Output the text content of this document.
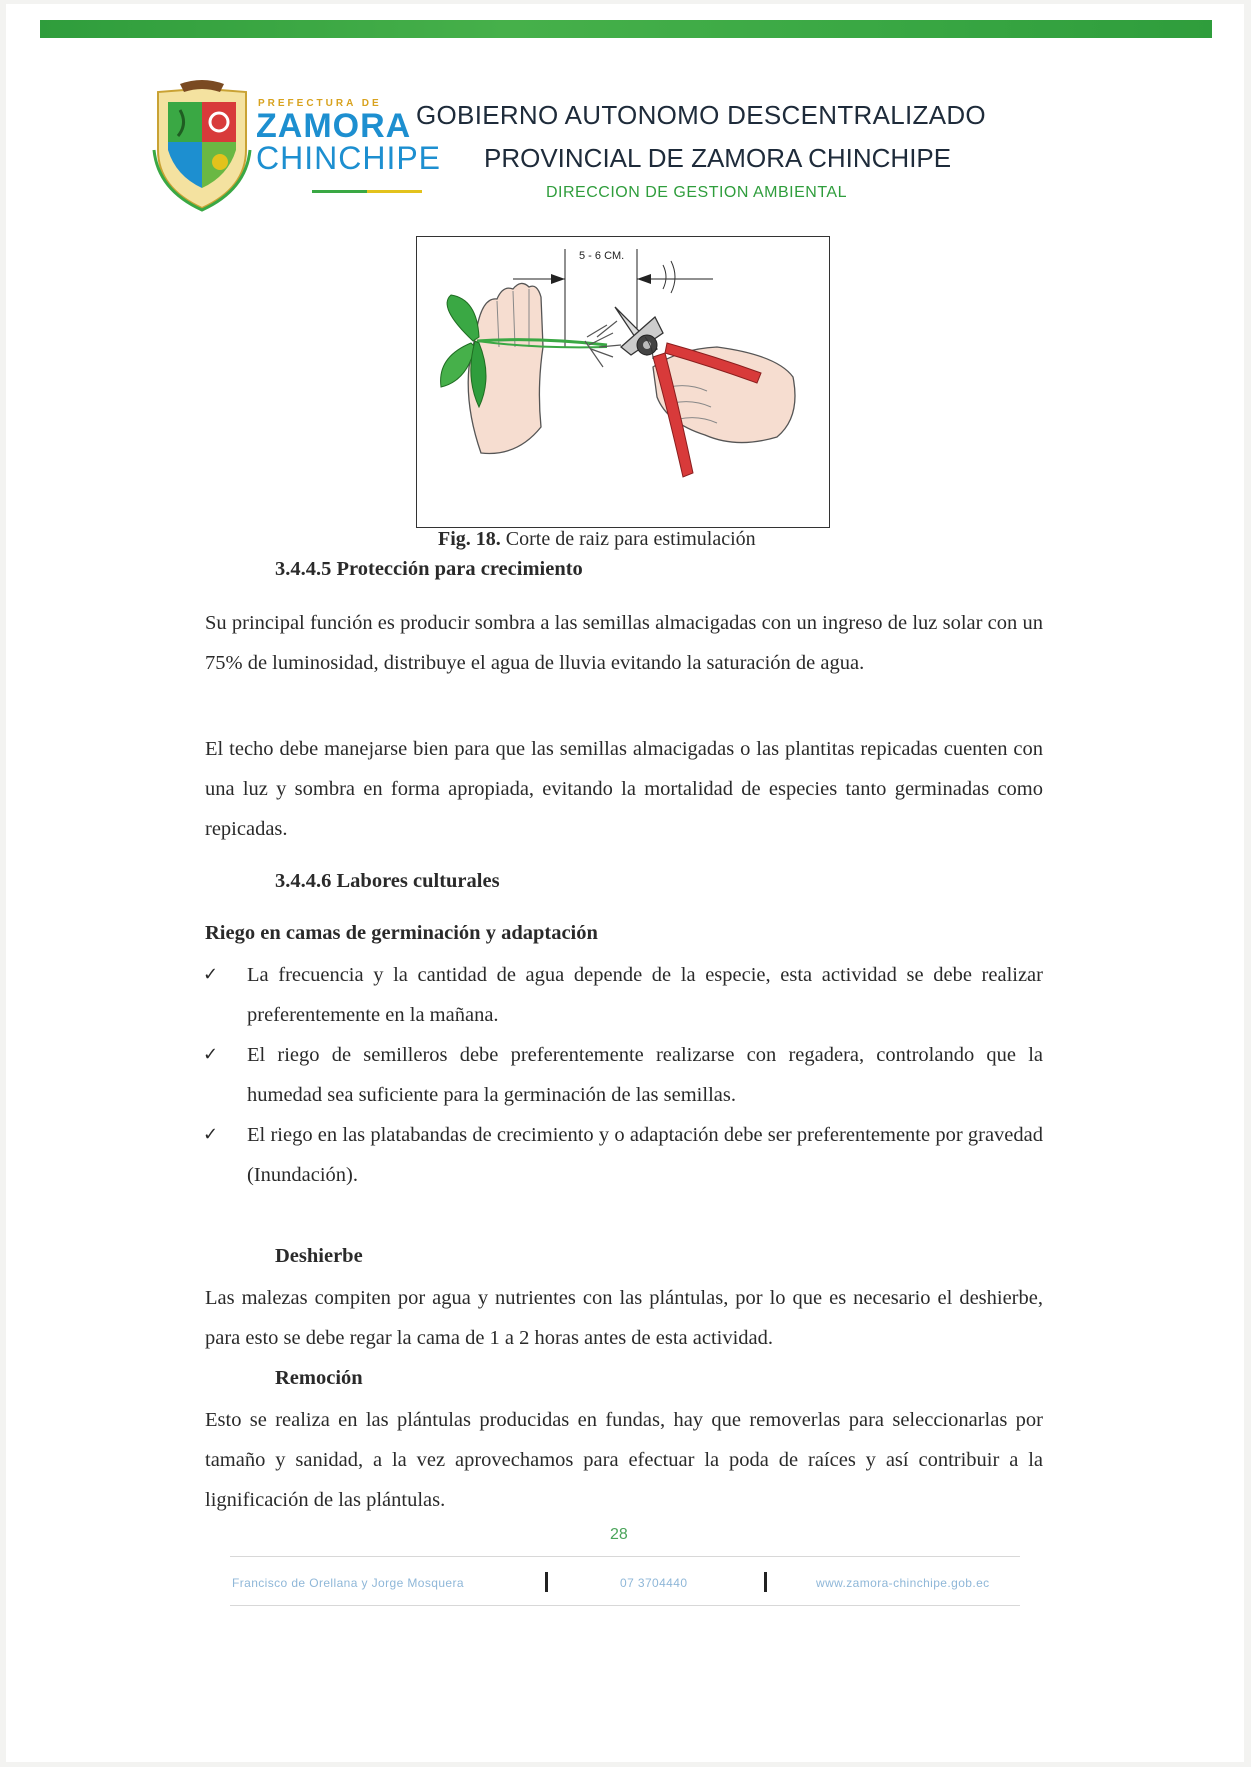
PREFECTURA DE
ZAMORA
CHINCHIPE
GOBIERNO AUTONOMO DESCENTRALIZADO
PROVINCIAL DE ZAMORA CHINCHIPE
DIRECCION DE GESTION AMBIENTAL
5 - 6 CM.
Fig. 18. Corte de raiz para estimulación
3.4.4.5 Protección para crecimiento
Su principal función es producir sombra a las semillas almacigadas con un ingreso de luz solar con un 75% de luminosidad, distribuye el agua de lluvia evitando la saturación de agua.
El techo debe manejarse bien para que las semillas almacigadas o las plantitas repicadas cuenten con una luz y sombra en forma apropiada, evitando la mortalidad de especies tanto germinadas como repicadas.
3.4.4.6 Labores culturales
Riego en camas de germinación y adaptación
✓ La frecuencia y la cantidad de agua depende de la especie, esta actividad se debe realizar preferentemente en la mañana.
✓ El riego de semilleros debe preferentemente realizarse con regadera, controlando que la humedad sea suficiente para la germinación de las semillas.
✓ El riego en las platabandas de crecimiento y o adaptación debe ser preferentemente por gravedad (Inundación).
Deshierbe
Las malezas compiten por agua y nutrientes con las plántulas, por lo que es necesario el deshierbe, para esto se debe regar la cama de 1 a 2 horas antes de esta actividad.
Remoción
Esto se realiza en las plántulas producidas en fundas, hay que removerlas para seleccionarlas por tamaño y sanidad, a la vez aprovechamos para efectuar la poda de raíces y así contribuir a la lignificación de las plántulas.
28
Francisco de Orellana y Jorge Mosquera	07 3704440	www.zamora-chinchipe.gob.ec
